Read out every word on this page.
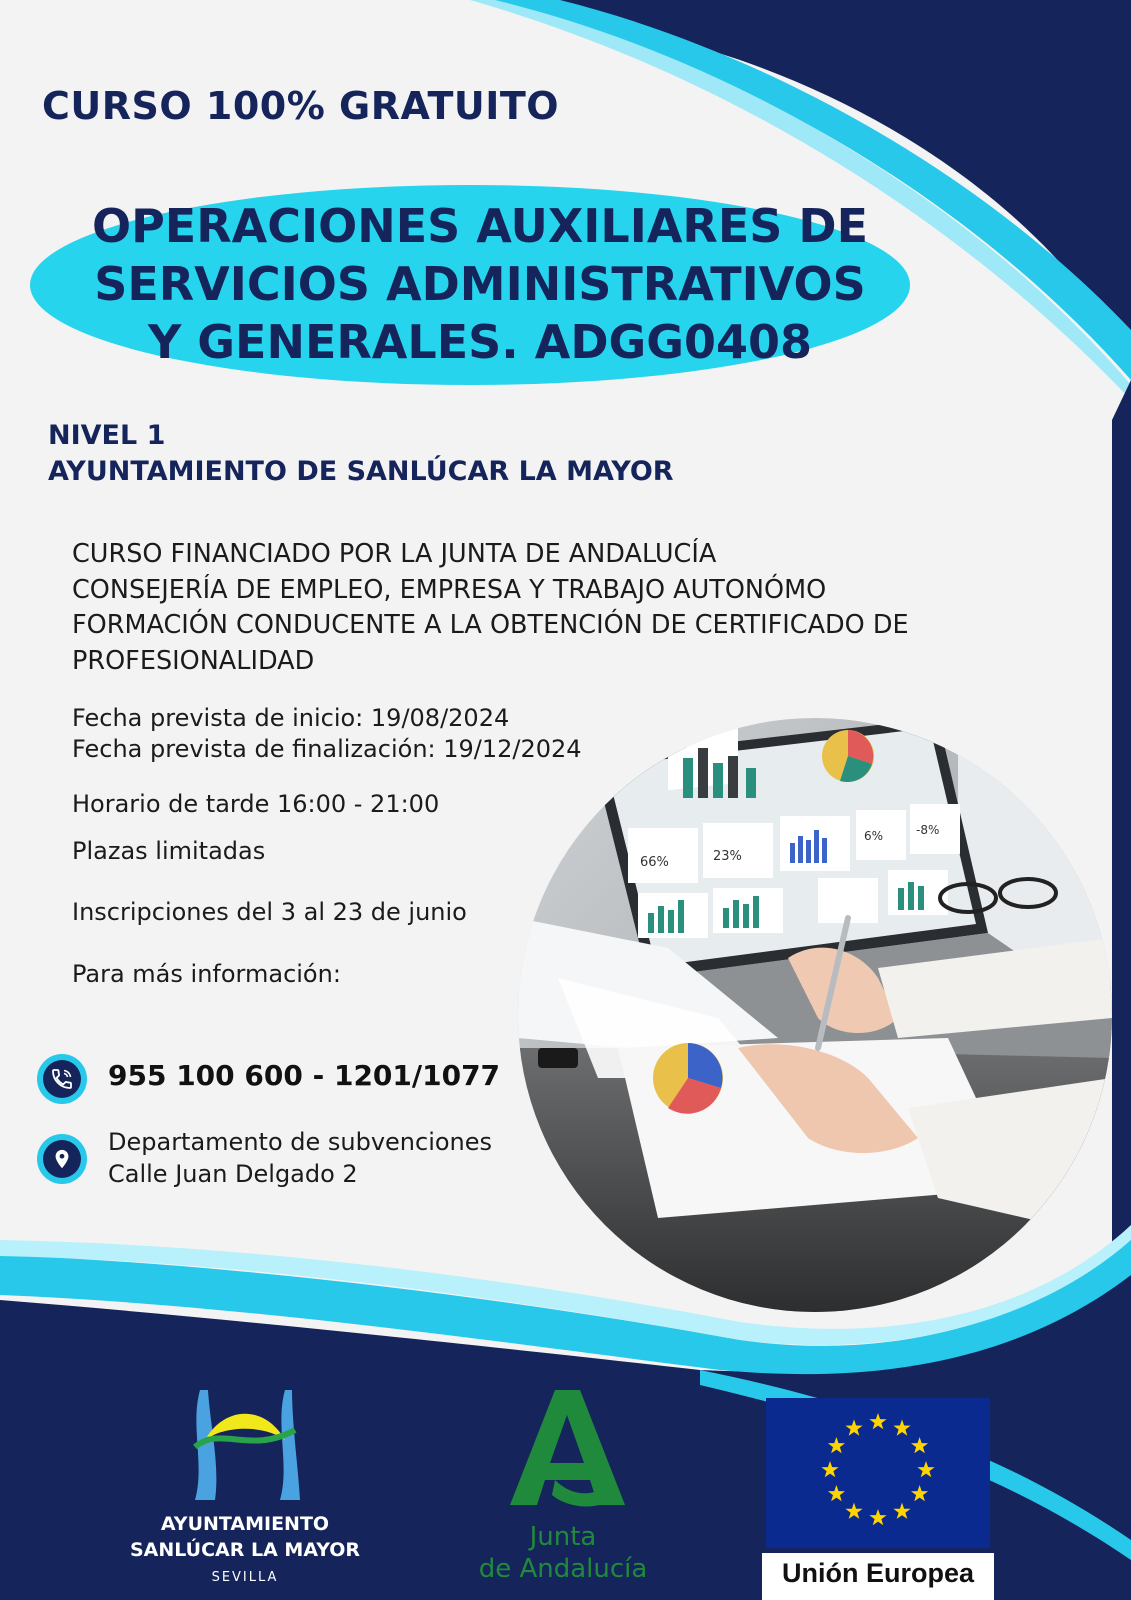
CURSO 100% GRATUITO
OPERACIONES AUXILIARES DE
SERVICIOS ADMINISTRATIVOS
Y GENERALES. ADGG0408
NIVEL 1
AYUNTAMIENTO DE SANLÚCAR LA MAYOR
CURSO FINANCIADO POR LA JUNTA DE ANDALUCÍA
CONSEJERÍA DE EMPLEO, EMPRESA Y TRABAJO AUTONÓMO
FORMACIÓN CONDUCENTE A LA OBTENCIÓN DE CERTIFICADO DE
PROFESIONALIDAD
Fecha prevista de inicio: 19/08/2024
Fecha prevista de finalización: 19/12/2024
Horario de tarde 16:00 - 21:00
Plazas limitadas
Inscripciones del 3 al 23 de junio
Para más información:
955 100 600 - 1201/1077
Departamento de subvenciones
Calle Juan Delgado 2
66%	23%
6%	-8%
AYUNTAMIENTO
SANLÚCAR LA MAYOR
SEVILLA
Junta
de Andalucía	Unión Europea
